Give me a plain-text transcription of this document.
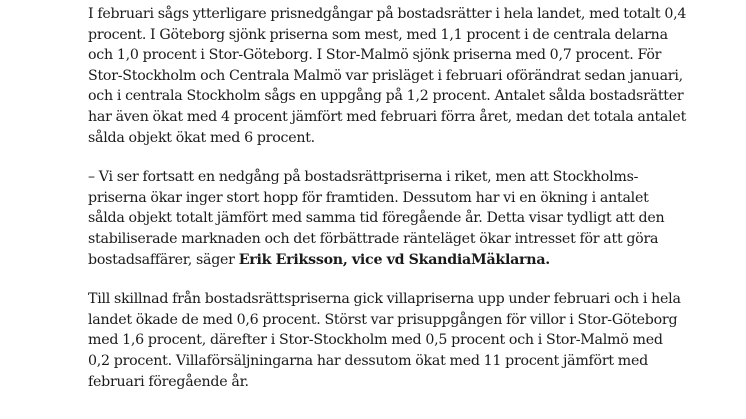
I februari sågs ytterligare prisnedgångar på bostadsrätter i hela landet, med totalt 0,4
procent. I Göteborg sjönk priserna som mest, med 1,1 procent i de centrala delarna
och 1,0 procent i Stor-Göteborg. I Stor-Malmö sjönk priserna med 0,7 procent. För
Stor-Stockholm och Centrala Malmö var prisläget i februari oförändrat sedan januari,
och i centrala Stockholm sågs en uppgång på 1,2 procent. Antalet sålda bostadsrätter
har även ökat med 4 procent jämfört med februari förra året, medan det totala antalet
sålda objekt ökat med 6 procent.

– Vi ser fortsatt en nedgång på bostadsrättpriserna i riket, men att Stockholms-
priserna ökar inger stort hopp för framtiden. Dessutom har vi en ökning i antalet
sålda objekt totalt jämfört med samma tid föregående år. Detta visar tydligt att den
stabiliserade marknaden och det förbättrade ränteläget ökar intresset för att göra
bostadsaffärer, säger Erik Eriksson, vice vd SkandiaMäklarna.

Till skillnad från bostadsrättspriserna gick villapriserna upp under februari och i hela
landet ökade de med 0,6 procent. Störst var prisuppgången för villor i Stor-Göteborg
med 1,6 procent, därefter i Stor-Stockholm med 0,5 procent och i Stor-Malmö med
0,2 procent. Villaförsäljningarna har dessutom ökat med 11 procent jämfört med
februari föregående år.
